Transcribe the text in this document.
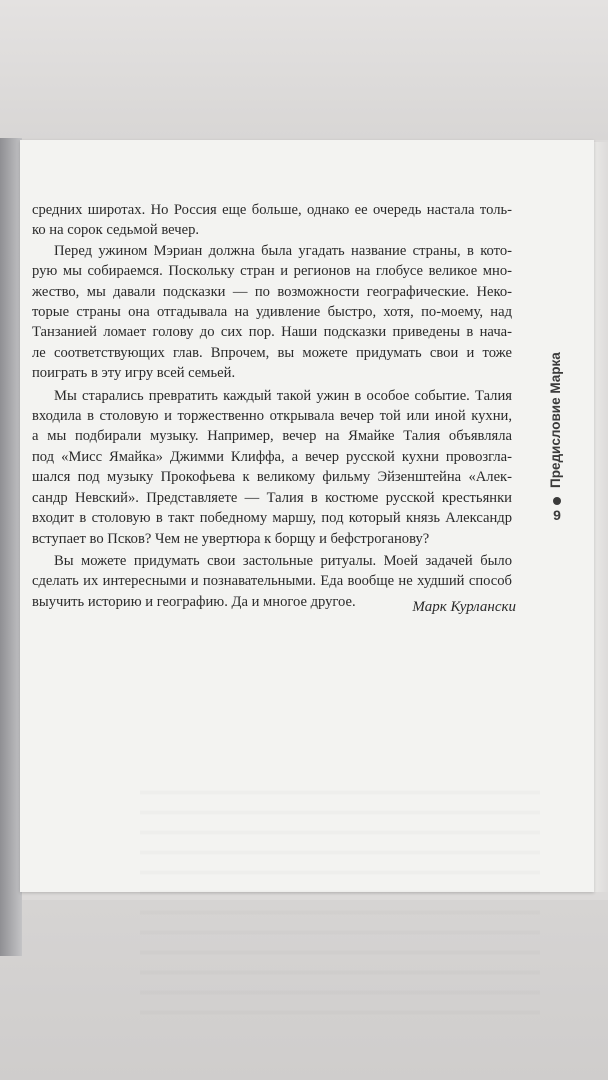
средних широтах. Но Россия еще больше, однако ее очередь настала толь-
ко на сорок седьмой вечер.

Перед ужином Мэриан должна была угадать название страны, в кото-
рую мы собираемся. Поскольку стран и регионов на глобусе великое мно-
жество, мы давали подсказки — по возможности географические. Неко-
торые страны она отгадывала на удивление быстро, хотя, по-моему, над
Танзанией ломает голову до сих пор. Наши подсказки приведены в нача-
ле соответствующих глав. Впрочем, вы можете придумать свои и тоже
поиграть в эту игру всей семьей.

Мы старались превратить каждый такой ужин в особое событие. Талия
входила в столовую и торжественно открывала вечер той или иной кухни,
а мы подбирали музыку. Например, вечер на Ямайке Талия объявляла
под «Мисс Ямайка» Джимми Клиффа, а вечер русской кухни провозгла-
шался под музыку Прокофьева к великому фильму Эйзенштейна «Алек-
сандр Невский». Представляете — Талия в костюме русской крестьянки
входит в столовую в такт победному маршу, под который князь Александр
вступает во Псков? Чем не увертюра к борщу и бефстроганову?

Вы можете придумать свои застольные ритуалы. Моей задачей было
сделать их интересными и познавательными. Еда вообще не худший способ
выучить историю и географию. Да и многое другое.	Марк Курлански
Предисловие Марка
9
